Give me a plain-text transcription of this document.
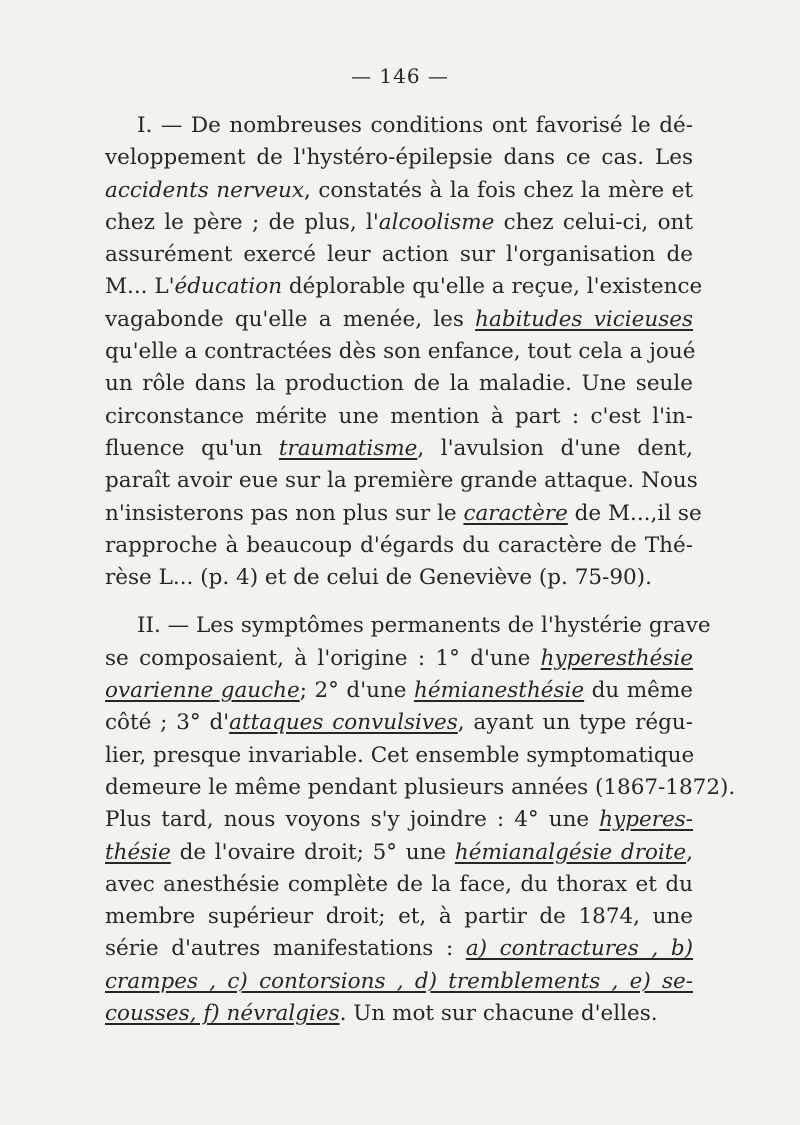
— 146 —
I. — De nombreuses conditions ont favorisé le dé-
veloppement de l'hystéro-épilepsie dans ce cas. Les
accidents nerveux, constatés à la fois chez la mère et
chez le père ; de plus, l'alcoolisme chez celui-ci, ont
assurément exercé leur action sur l'organisation de
M... L'éducation déplorable qu'elle a reçue, l'existence
vagabonde qu'elle a menée, les habitudes vicieuses
qu'elle a contractées dès son enfance, tout cela a joué
un rôle dans la production de la maladie. Une seule
circonstance mérite une mention à part : c'est l'in-
fluence qu'un traumatisme, l'avulsion d'une dent,
paraît avoir eue sur la première grande attaque. Nous
n'insisterons pas non plus sur le caractère de M...,il se
rapproche à beaucoup d'égards du caractère de Thé-
rèse L... (p. 4) et de celui de Geneviève (p. 75-90).
II. — Les symptômes permanents de l'hystérie grave
se composaient, à l'origine : 1° d'une hyperesthésie
ovarienne gauche; 2° d'une hémianesthésie du même
côté ; 3° d'attaques convulsives, ayant un type régu-
lier, presque invariable. Cet ensemble symptomatique
demeure le même pendant plusieurs années (1867-1872).
Plus tard, nous voyons s'y joindre : 4° une hyperes-
thésie de l'ovaire droit; 5° une hémianalgésie droite,
avec anesthésie complète de la face, du thorax et du
membre supérieur droit; et, à partir de 1874, une
série d'autres manifestations : a) contractures , b)
crampes , c) contorsions , d) tremblements , e) se-
cousses, f) névralgies. Un mot sur chacune d'elles.
